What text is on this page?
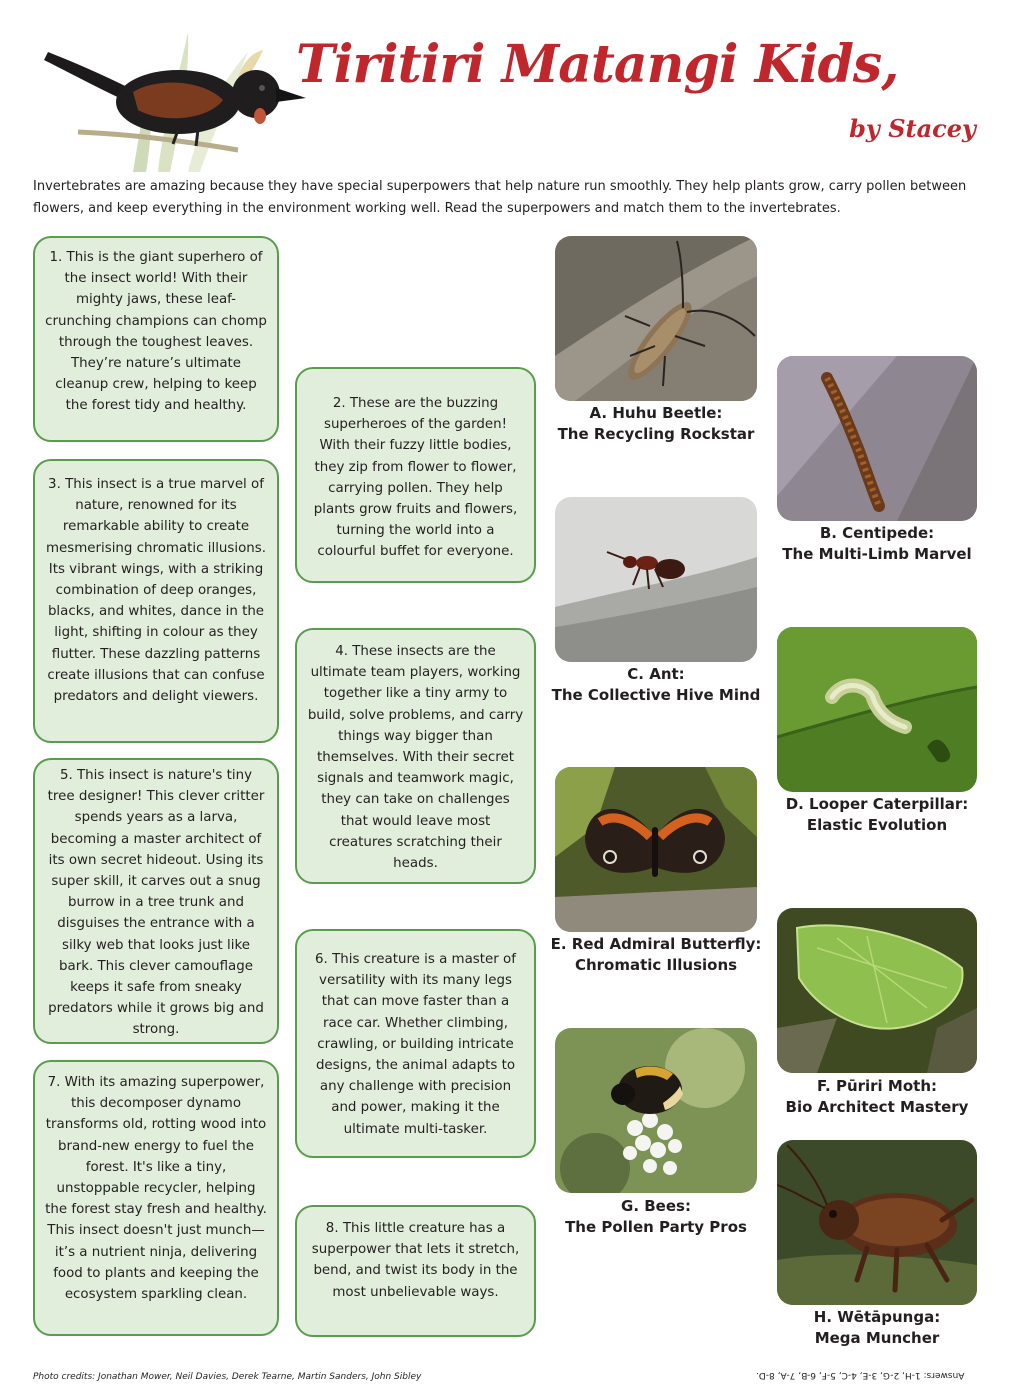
Tiritiri Matangi Kids,
by Stacey

Invertebrates are amazing because they have special superpowers that help nature run smoothly. They help plants grow, carry pollen between flowers, and keep everything in the environment working well. Read the superpowers and match them to the invertebrates.

1. This is the giant superhero of the insect world! With their mighty jaws, these leaf-crunching champions can chomp through the toughest leaves. They’re nature’s ultimate cleanup crew, helping to keep the forest tidy and healthy.

3. This insect is a true marvel of nature, renowned for its remarkable ability to create mesmerising chromatic illusions. Its vibrant wings, with a striking combination of deep oranges, blacks, and whites, dance in the light, shifting in colour as they flutter. These dazzling patterns create illusions that can confuse predators and delight viewers.

5. This insect is nature's tiny tree designer! This clever critter spends years as a larva, becoming a master architect of its own secret hideout. Using its super skill, it carves out a snug burrow in a tree trunk and disguises the entrance with a silky web that looks just like bark. This clever camouflage keeps it safe from sneaky predators while it grows big and strong.

7. With its amazing superpower, this decomposer dynamo transforms old, rotting wood into brand-new energy to fuel the forest. It's like a tiny, unstoppable recycler, helping the forest stay fresh and healthy. This insect doesn't just munch—it’s a nutrient ninja, delivering food to plants and keeping the ecosystem sparkling clean.

2. These are the buzzing superheroes of the garden! With their fuzzy little bodies, they zip from flower to flower, carrying pollen. They help plants grow fruits and flowers, turning the world into a colourful buffet for everyone.

4. These insects are the ultimate team players, working together like a tiny army to build, solve problems, and carry things way bigger than themselves. With their secret signals and teamwork magic, they can take on challenges that would leave most creatures scratching their heads.

6. This creature is a master of versatility with its many legs that can move faster than a race car. Whether climbing, crawling, or building intricate designs, the animal adapts to any challenge with precision and power, making it the ultimate multi-tasker.

8. This little creature has a superpower that lets it stretch, bend, and twist its body in the most unbelievable ways.

A. Huhu Beetle:
The Recycling Rockstar
C. Ant:
The Collective Hive Mind
E. Red Admiral Butterfly:
Chromatic Illusions
G. Bees:
The Pollen Party Pros
B. Centipede:
The Multi-Limb Marvel
D. Looper Caterpillar:
Elastic Evolution
F. Pūriri Moth:
Bio Architect Mastery
H. Wētāpunga:
Mega Muncher
Photo credits: Jonathan Mower, Neil Davies, Derek Tearne, Martin Sanders, John Sibley	Answers: 1-H, 2-G, 3-E, 4-C, 5-F, 6-B, 7-A, 8-D.
